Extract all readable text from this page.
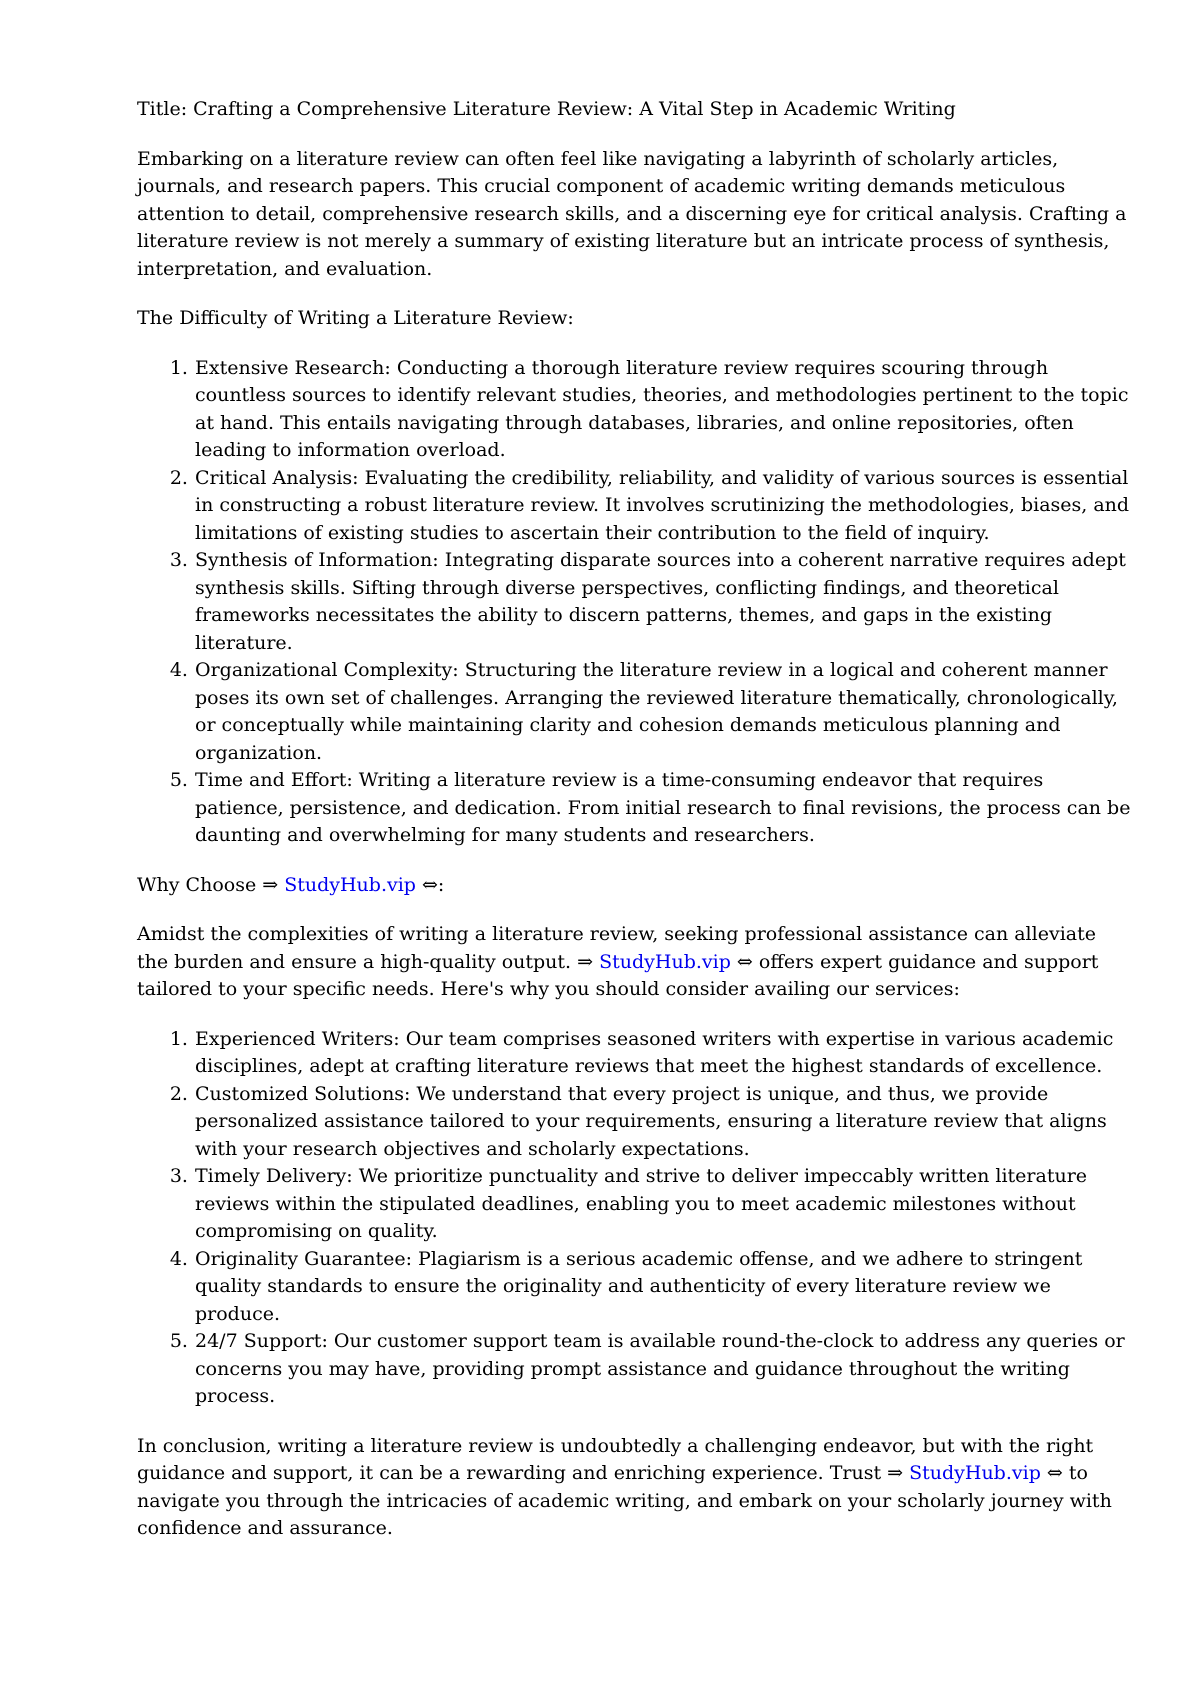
Title: Crafting a Comprehensive Literature Review: A Vital Step in Academic Writing

Embarking on a literature review can often feel like navigating a labyrinth of scholarly articles, journals, and research papers. This crucial component of academic writing demands meticulous attention to detail, comprehensive research skills, and a discerning eye for critical analysis. Crafting a literature review is not merely a summary of existing literature but an intricate process of synthesis, interpretation, and evaluation.

The Difficulty of Writing a Literature Review:

1. Extensive Research: Conducting a thorough literature review requires scouring through countless sources to identify relevant studies, theories, and methodologies pertinent to the topic at hand. This entails navigating through databases, libraries, and online repositories, often leading to information overload.
2. Critical Analysis: Evaluating the credibility, reliability, and validity of various sources is essential in constructing a robust literature review. It involves scrutinizing the methodologies, biases, and limitations of existing studies to ascertain their contribution to the field of inquiry.
3. Synthesis of Information: Integrating disparate sources into a coherent narrative requires adept synthesis skills. Sifting through diverse perspectives, conflicting findings, and theoretical frameworks necessitates the ability to discern patterns, themes, and gaps in the existing literature.
4. Organizational Complexity: Structuring the literature review in a logical and coherent manner poses its own set of challenges. Arranging the reviewed literature thematically, chronologically, or conceptually while maintaining clarity and cohesion demands meticulous planning and organization.
5. Time and Effort: Writing a literature review is a time-consuming endeavor that requires patience, persistence, and dedication. From initial research to final revisions, the process can be daunting and overwhelming for many students and researchers.

Why Choose ⇒ StudyHub.vip ⇔:

Amidst the complexities of writing a literature review, seeking professional assistance can alleviate the burden and ensure a high-quality output. ⇒ StudyHub.vip ⇔ offers expert guidance and support tailored to your specific needs. Here's why you should consider availing our services:

1. Experienced Writers: Our team comprises seasoned writers with expertise in various academic disciplines, adept at crafting literature reviews that meet the highest standards of excellence.
2. Customized Solutions: We understand that every project is unique, and thus, we provide personalized assistance tailored to your requirements, ensuring a literature review that aligns with your research objectives and scholarly expectations.
3. Timely Delivery: We prioritize punctuality and strive to deliver impeccably written literature reviews within the stipulated deadlines, enabling you to meet academic milestones without compromising on quality.
4. Originality Guarantee: Plagiarism is a serious academic offense, and we adhere to stringent quality standards to ensure the originality and authenticity of every literature review we produce.
5. 24/7 Support: Our customer support team is available round-the-clock to address any queries or concerns you may have, providing prompt assistance and guidance throughout the writing process.

In conclusion, writing a literature review is undoubtedly a challenging endeavor, but with the right guidance and support, it can be a rewarding and enriching experience. Trust ⇒ StudyHub.vip ⇔ to navigate you through the intricacies of academic writing, and embark on your scholarly journey with confidence and assurance.
